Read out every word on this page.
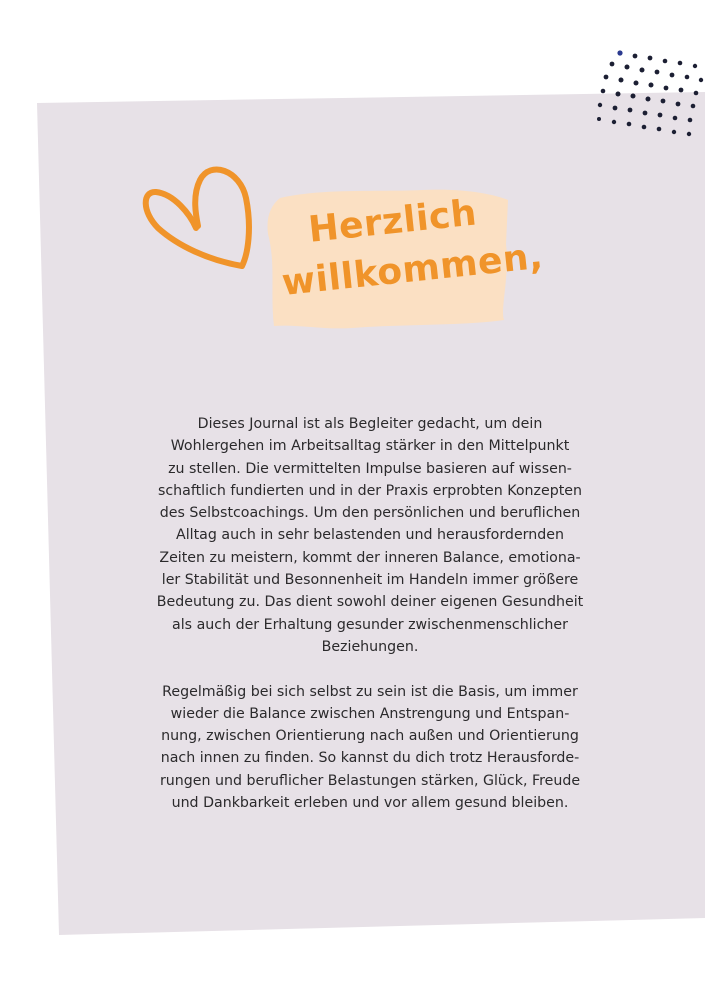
Herzlich
willkommen,
Dieses Journal ist als Begleiter gedacht, um dein
Wohlergehen im Arbeitsalltag stärker in den Mittelpunkt
zu stellen. Die vermittelten Impulse basieren auf wissen-
schaftlich fundierten und in der Praxis erprobten Konzepten
des Selbstcoachings. Um den persönlichen und beruflichen
Alltag auch in sehr belastenden und herausfordernden
Zeiten zu meistern, kommt der inneren Balance, emotiona-
ler Stabilität und Besonnenheit im Handeln immer größere
Bedeutung zu. Das dient sowohl deiner eigenen Gesundheit
als auch der Erhaltung gesunder zwischenmenschlicher
Beziehungen.
Regelmäßig bei sich selbst zu sein ist die Basis, um immer
wieder die Balance zwischen Anstrengung und Entspan-
nung, zwischen Orientierung nach außen und Orientierung
nach innen zu finden. So kannst du dich trotz Herausforde-
rungen und beruflicher Belastungen stärken, Glück, Freude
und Dankbarkeit erleben und vor allem gesund bleiben.
